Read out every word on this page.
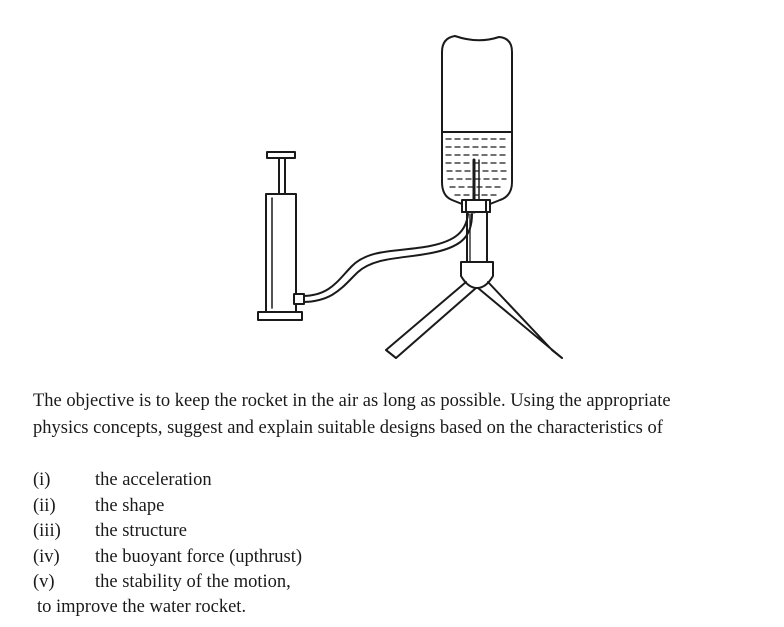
The objective is to keep the rocket in the air as long as possible. Using the appropriate
physics concepts, suggest and explain suitable designs based on the characteristics of
(i)	the acceleration
(ii)	the shape
(iii)	the structure
(iv)	the buoyant force (upthrust)
(v)	the stability of the motion,
to improve the water rocket.
